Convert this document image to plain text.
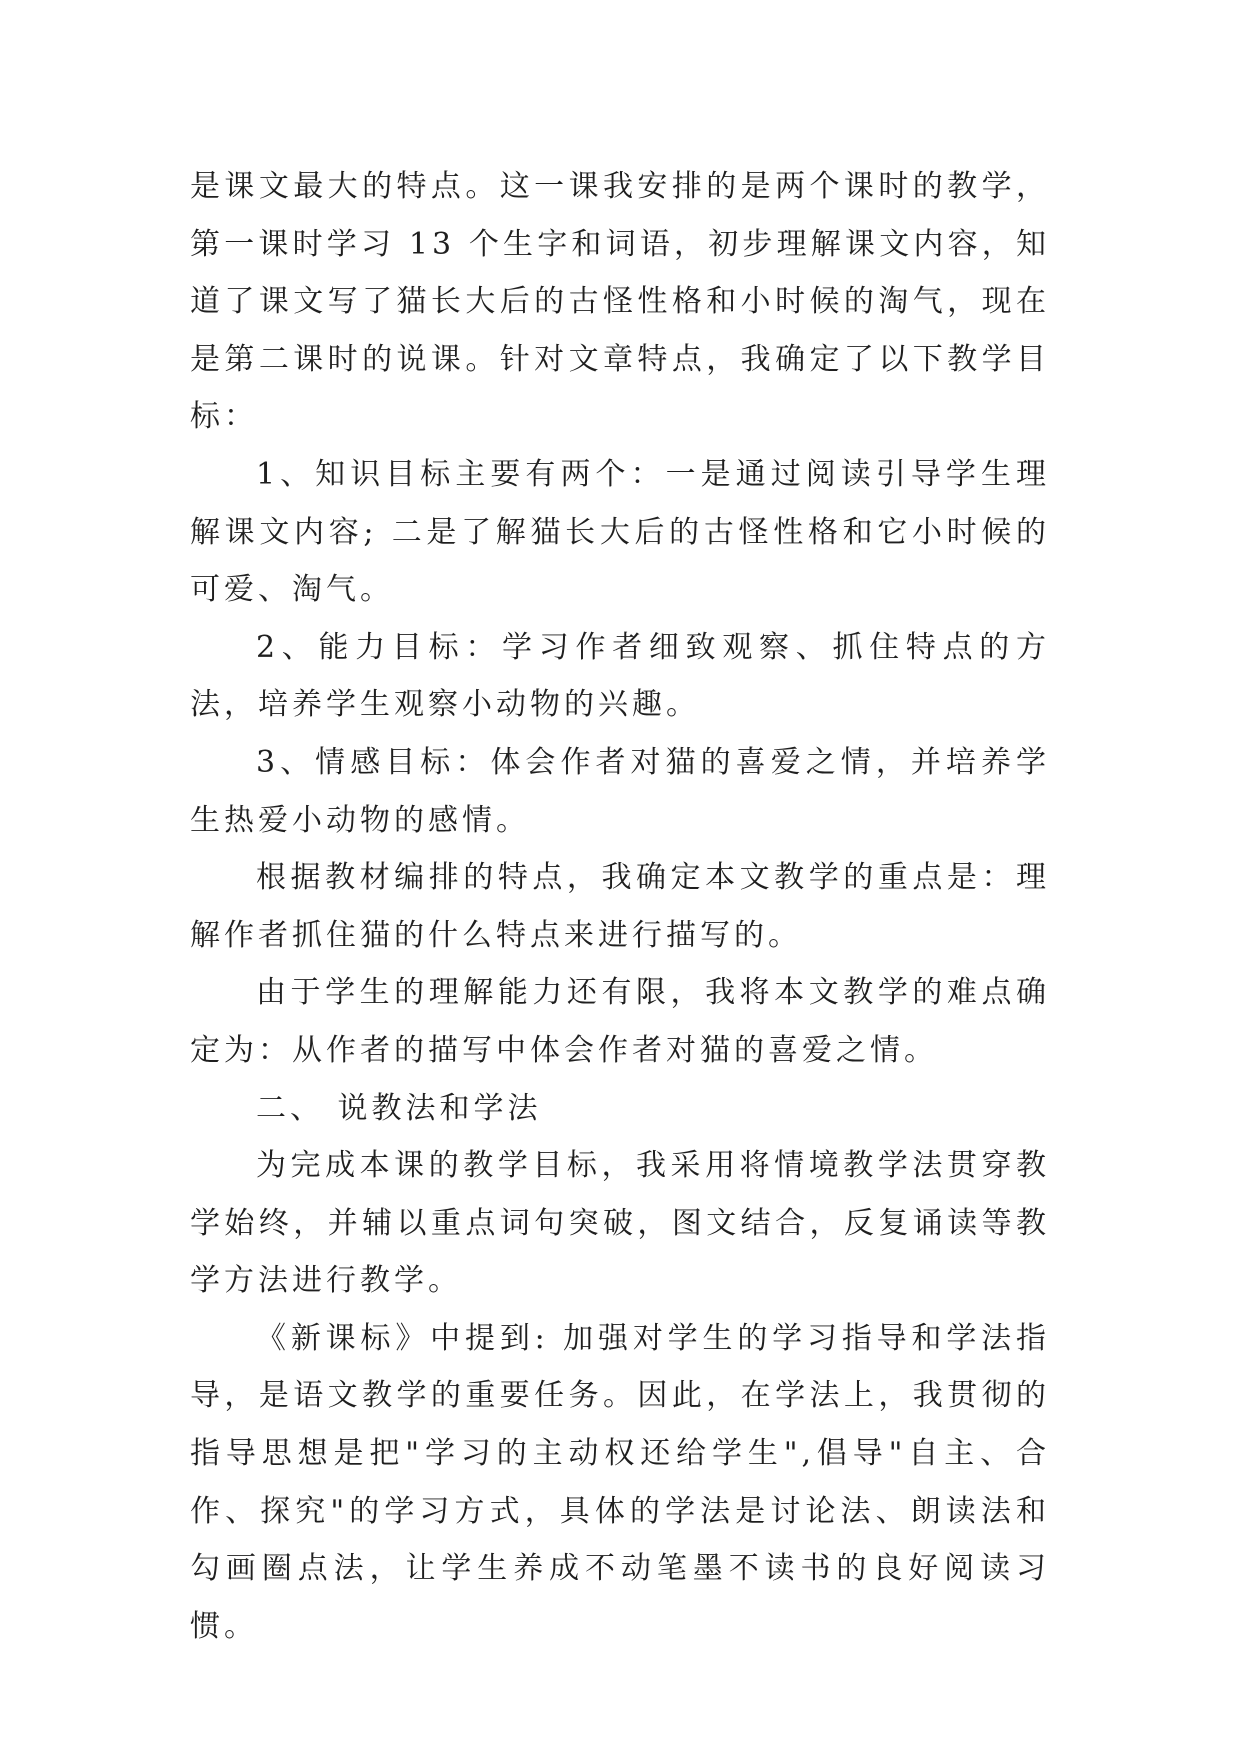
是课文最大的特点。这一课我安排的是两个课时的教学，第一课时学习 13 个生字和词语，初步理解课文内容，知道了课文写了猫长大后的古怪性格和小时候的淘气，现在是第二课时的说课。针对文章特点，我确定了以下教学目标：

1、知识目标主要有两个：一是通过阅读引导学生理解课文内容; 二是了解猫长大后的古怪性格和它小时候的可爱、淘气。

2、能力目标：学习作者细致观察、抓住特点的方法，培养学生观察小动物的兴趣。

3、情感目标：体会作者对猫的喜爱之情，并培养学生热爱小动物的感情。

根据教材编排的特点，我确定本文教学的重点是：理解作者抓住猫的什么特点来进行描写的。

由于学生的理解能力还有限，我将本文教学的难点确定为：从作者的描写中体会作者对猫的喜爱之情。

二、 说教法和学法

为完成本课的教学目标，我采用将情境教学法贯穿教学始终，并辅以重点词句突破，图文结合，反复诵读等教学方法进行教学。

《新课标》中提到: 加强对学生的学习指导和学法指导，是语文教学的重要任务。因此，在学法上，我贯彻的指导思想是把"学习的主动权还给学生",倡导"自主、合作、探究"的学习方式，具体的学法是讨论法、朗读法和勾画圈点法，让学生养成不动笔墨不读书的良好阅读习惯。
